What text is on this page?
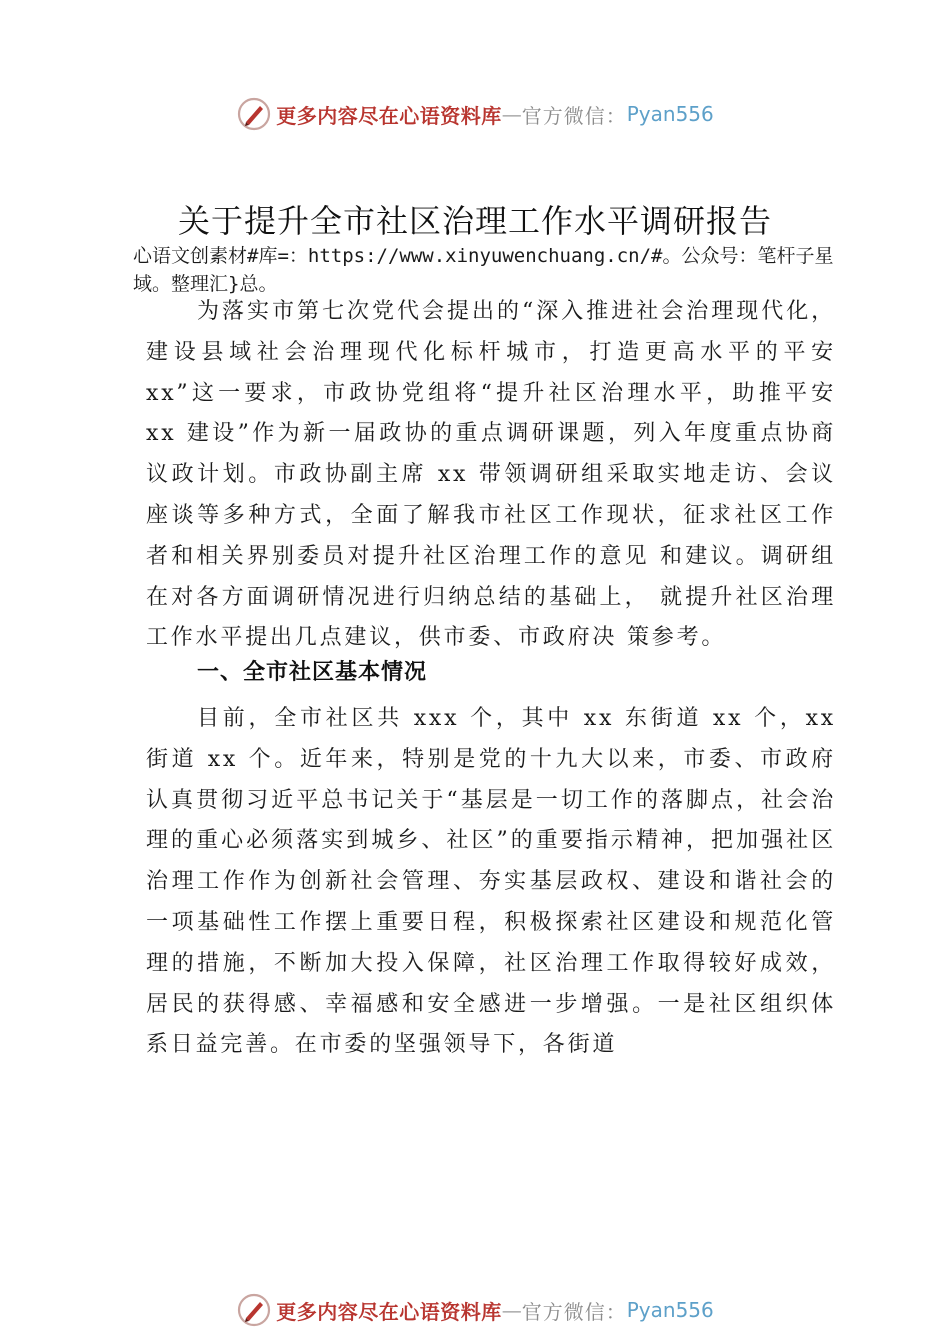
更多内容尽在心语资料库 — 官方微信： Pyan556
关于提升全市社区治理工作水平调研报告

心语文创素材#库=：https://www.xinyuwenchuang.cn/#。公众号：笔杆子星域。整理汇}总。

为落实市第七次党代会提出的“深入推进社会治理现代化，建设县域社会治理现代化标杆城市，打造更高水平的平安 xx”这一要求，市政协党组将“提升社区治理水平，助推平安 xx 建设”作为新一届政协的重点调研课题，列入年度重点协商议政计划。市政协副主席 xx 带领调研组采取实地走访、会议座谈等多种方式，全面了解我市社区工作现状，征求社区工作者和相关界别委员对提升社区治理工作的意见 和建议。调研组在对各方面调研情况进行归纳总结的基础上， 就提升社区治理工作水平提出几点建议，供市委、市政府决 策参考。

一、全市社区基本情况

目前，全市社区共 xxx 个，其中 xx 东街道 xx 个，xx 街道 xx 个。近年来，特别是党的十九大以来，市委、市政府认真贯彻习近平总书记关于“基层是一切工作的落脚点，社会治理的重心必须落实到城乡、社区”的重要指示精神，把加强社区治理工作作为创新社会管理、夯实基层政权、建设和谐社会的一项基础性工作摆上重要日程，积极探索社区建设和规范化管理的措施，不断加大投入保障，社区治理工作取得较好成效，居民的获得感、幸福感和安全感进一步增强。一是社区组织体系日益完善。在市委的坚强领导下，各街道

更多内容尽在心语资料库 — 官方微信： Pyan556
